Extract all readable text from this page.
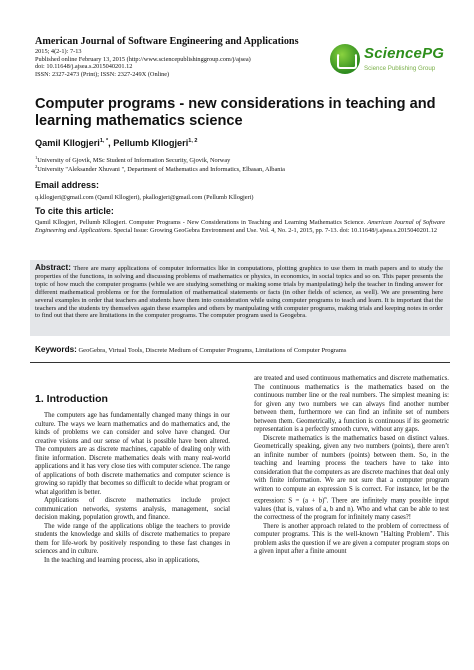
American Journal of Software Engineering and Applications
2015; 4(2-1): 7-13
Published online February 13, 2015 (http://www.sciencepublishinggroup.com/j/ajsea)
doi: 10.11648/j.ajsea.s.2015040201.12
ISSN: 2327-2473 (Print); ISSN: 2327-249X (Online)
SciencePG
Science Publishing Group
Computer programs - new considerations in teaching and learning mathematics science
Qamil Kllogjeri$^{1, *}$, Pellumb Kllogjeri$^{1, 2}$
$^1$University of Gjovik, MSc Student of Information Security, Gjovik, Norway
$^2$University "Aleksander Xhuvani ", Department of Mathematics and Informatics, Elbasan, Albania
Email address:
q.kllogjeri@gmail.com (Qamil Kllogjeri), pkallogjeri@gmail.com (Pellumb Kllogjeri)
To cite this article:
Qamil Kllogjeri, Pellumb Kllogjeri. Computer Programs - New Considerations in Teaching and Learning Mathematics Science. American Journal of Software Engineering and Applications. Special Issue: Growing GeoGebra Environment and Use. Vol. 4, No. 2-1, 2015, pp. 7-13. doi: 10.11648/j.ajsea.s.2015040201.12
Abstract: There are many applications of computer informatics like in computations, plotting graphics to use them in math papers and to study the properties of the functions, in solving and discussing problems of mathematics or physics, in economics, in social topics and so on. This paper presents the topic of how much the computer programs (while we are studying something or making some trials by manipulating) help the teacher in finding answer for different mathematical problems or for the formulation of mathematical statements or facts (in other fields of science, as well). We are presenting here several examples in order that teachers and students have them into consideration while using computer programs to teach and learn. It is important that the teachers and the students try themselves again these examples and others by manipulating with computer programs, making trials and keeping notes in order to find out that there are limitations in the computer programs. The computer program used is Geogebra.
Keywords: GeoGebra, Virtual Tools, Discrete Medium of Computer Programs, Limitations of Computer Programs
1. Introduction

The computers age has fundamentally changed many things in our culture. The ways we learn mathematics and do mathematics and, the kinds of problems we can consider and solve have changed. Our creative visions and our sense of what is possible have been altered. The computers are as discrete machines, capable of dealing only with finite information. Discrete mathematics deals with many real-world applications and it has very close ties with computer science. The range of applications of both discrete mathematics and computer science is growing so rapidly that becomes so difficult to decide what program or what algorithm is better.

Applications of discrete mathematics include project communication networks, systems analysis, management, social decision making, population growth, and finance.

The wide range of the applications oblige the teachers to provide students the knowledge and skills of discrete mathematics to prepare them for life-work by positively responding to these fast changes in sciences and in culture.

In the teaching and learning process, also in applications,

are treated and used continuous mathematics and discrete mathematics. The continuous mathematics is the mathematics based on the continuous number line or the real numbers. The simplest meaning is: for given any two numbers we can always find another number between them, furthermore we can find an infinite set of numbers between them. Geometrically, a function is continuous if its geometric representation is a perfectly smooth curve, without any gaps.

Discrete mathematics is the mathematics based on distinct values. Geometrically speaking, given any two numbers (points), there aren’t an infinite number of numbers (points) between them. So, in the teaching and learning process the teachers have to take into consideration that the computers as are discrete machines that deal only with finite information. We are not sure that a computer program written to compute an expression S is correct. For instance, let be the expression: $S = (a + b)^n$. There are infinitely many possible input values (that is, values of a, b and n). Who and what can be able to test the correctness of the program for infinitely many cases?!

There is another approach related to the problem of correctness of computer programs. This is the well-known "Halting Problem". This problem asks the question if we are given a computer program stops on a given input after a finite amount
